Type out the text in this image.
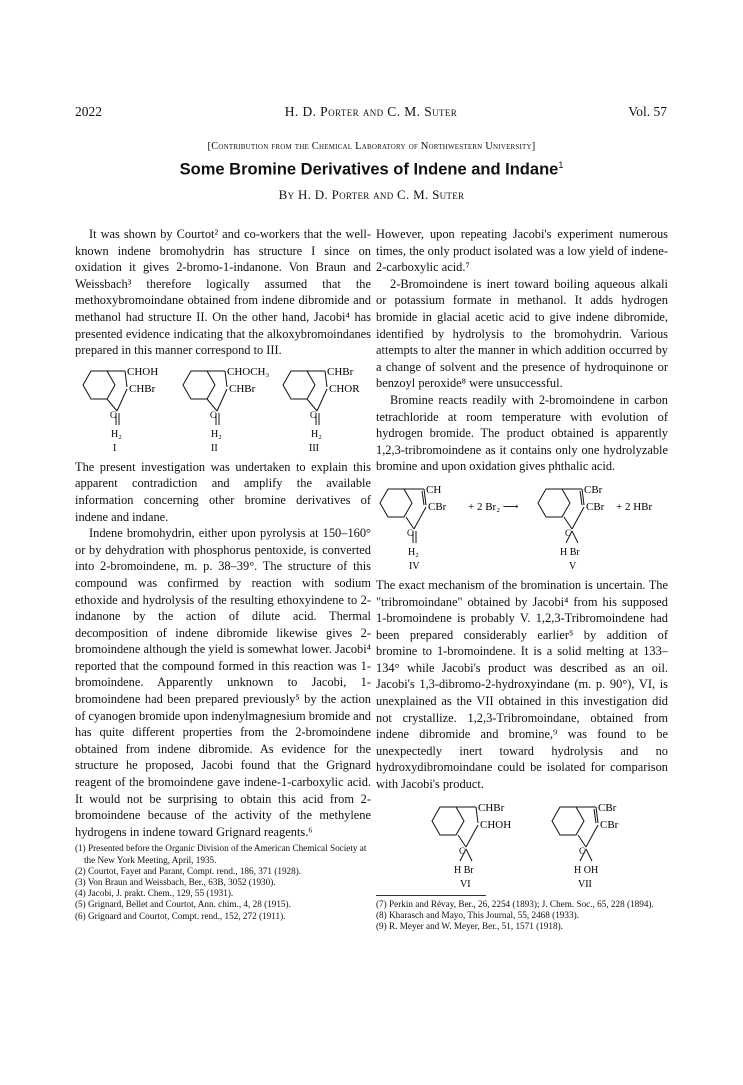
2022	H. D. Porter and C. M. Suter	Vol. 57
[Contribution from the Chemical Laboratory of Northwestern University]
Some Bromine Derivatives of Indene and Indane$^1$
By H. D. Porter and C. M. Suter

It was shown by Courtot² and co-workers that the well-known indene bromohydrin has structure I since on oxidation it gives 2-bromo-1-indanone. Von Braun and Weissbach³ therefore logically assumed that the methoxybromoindane obtained from indene dibromide and methanol had structure II. On the other hand, Jacobi⁴ has presented evidence indicating that the alkoxybromoindanes prepared in this manner correspond to III.

CHOH
CHBr
C
H₂
I
CHOCH₃
CHBr
C
H₂
II
CHBr
CHOR
C
H₂
III

The present investigation was undertaken to explain this apparent contradiction and amplify the available information concerning other bromine derivatives of indene and indane.

Indene bromohydrin, either upon pyrolysis at 150–160° or by dehydration with phosphorus pentoxide, is converted into 2-bromoindene, m. p. 38–39°. The structure of this compound was confirmed by reaction with sodium ethoxide and hydrolysis of the resulting ethoxyindene to 2-indanone by the action of dilute acid. Thermal decomposition of indene dibromide likewise gives 2-bromoindene although the yield is somewhat lower. Jacobi⁴ reported that the compound formed in this reaction was 1-bromoindene. Apparently unknown to Jacobi, 1-bromoindene had been prepared previously⁵ by the action of cyanogen bromide upon indenylmagnesium bromide and has quite different properties from the 2-bromoindene obtained from indene dibromide. As evidence for the structure he proposed, Jacobi found that the Grignard reagent of the bromoindene gave indene-1-carboxylic acid. It would not be surprising to obtain this acid from 2-bromoindene because of the activity of the methylene hydrogens in indene toward Grignard reagents.⁶

(1) Presented before the Organic Division of the American Chemical Society at the New York Meeting, April, 1935.
(2) Courtot, Fayet and Parant, Compt. rend., 186, 371 (1928).
(3) Von Braun and Weissbach, Ber., 63B, 3052 (1930).
(4) Jacobi, J. prakt. Chem., 129, 55 (1931).
(5) Grignard, Bellet and Courtot, Ann. chim., 4, 28 (1915).
(6) Grignard and Courtot, Compt. rend., 152, 272 (1911).

However, upon repeating Jacobi's experiment numerous times, the only product isolated was a low yield of indene-2-carboxylic acid.⁷

2-Bromoindene is inert toward boiling aqueous alkali or potassium formate in methanol. It adds hydrogen bromide in glacial acetic acid to give indene dibromide, identified by hydrolysis to the bromohydrin. Various attempts to alter the manner in which addition occurred by a change of solvent and the presence of hydroquinone or benzoyl peroxide⁸ were unsuccessful.

Bromine reacts readily with 2-bromoindene in carbon tetrachloride at room temperature with evolution of hydrogen bromide. The product obtained is apparently 1,2,3-tribromoindene as it contains only one hydrolyzable bromine and upon oxidation gives phthalic acid.

CH
CBr
C
H₂
IV
+ 2 Br₂ ⟶
CBr
CBr
C
H Br
V
+ 2 HBr

The exact mechanism of the bromination is uncertain. The "tribromoindane" obtained by Jacobi⁴ from his supposed 1-bromoindene is probably V. 1,2,3-Tribromoindene had been prepared considerably earlier⁵ by addition of bromine to 1-bromoindene. It is a solid melting at 133–134° while Jacobi's product was described as an oil. Jacobi's 1,3-dibromo-2-hydroxyindane (m. p. 90°), VI, is unexplained as the VII obtained in this investigation did not crystallize. 1,2,3-Tribromoindane, obtained from indene dibromide and bromine,⁹ was found to be unexpectedly inert toward hydrolysis and no hydroxydibromoindane could be isolated for comparison with Jacobi's product.

CHBr
CHOH
C
H Br
VI
CBr
CBr
C
H OH
VII
(7) Perkin and Révay, Ber., 26, 2254 (1893); J. Chem. Soc., 65, 228 (1894).
(8) Kharasch and Mayo, This Journal, 55, 2468 (1933).
(9) R. Meyer and W. Meyer, Ber., 51, 1571 (1918).
